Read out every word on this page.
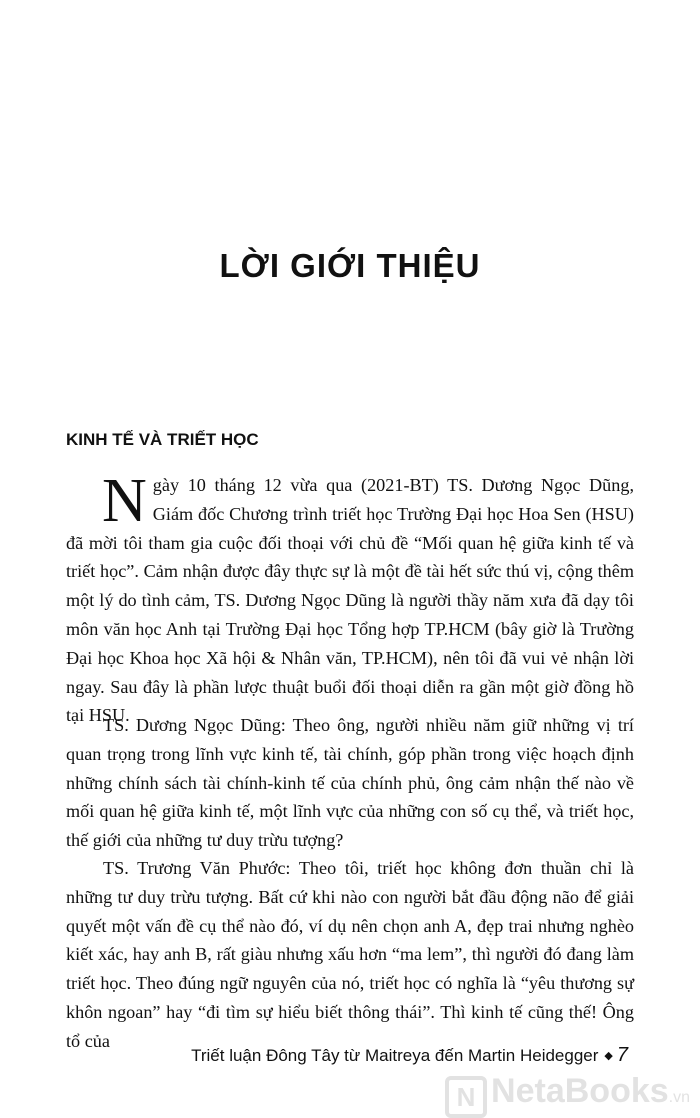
LỜI GIỚI THIỆU
KINH TẾ VÀ TRIẾT HỌC

Ngày 10 tháng 12 vừa qua (2021-BT) TS. Dương Ngọc Dũng, Giám đốc Chương trình triết học Trường Đại học Hoa Sen (HSU) đã mời tôi tham gia cuộc đối thoại với chủ đề “Mối quan hệ giữa kinh tế và triết học”. Cảm nhận được đây thực sự là một đề tài hết sức thú vị, cộng thêm một lý do tình cảm, TS. Dương Ngọc Dũng là người thầy năm xưa đã dạy tôi môn văn học Anh tại Trường Đại học Tổng hợp TP.HCM (bây giờ là Trường Đại học Khoa học Xã hội & Nhân văn, TP.HCM), nên tôi đã vui vẻ nhận lời ngay. Sau đây là phần lược thuật buổi đối thoại diễn ra gần một giờ đồng hồ tại HSU.

TS. Dương Ngọc Dũng: Theo ông, người nhiều năm giữ những vị trí quan trọng trong lĩnh vực kinh tế, tài chính, góp phần trong việc hoạch định những chính sách tài chính-kinh tế của chính phủ, ông cảm nhận thế nào về mối quan hệ giữa kinh tế, một lĩnh vực của những con số cụ thể, và triết học, thế giới của những tư duy trừu tượng?

TS. Trương Văn Phước: Theo tôi, triết học không đơn thuần chỉ là những tư duy trừu tượng. Bất cứ khi nào con người bắt đầu động não để giải quyết một vấn đề cụ thể nào đó, ví dụ nên chọn anh A, đẹp trai nhưng nghèo kiết xác, hay anh B, rất giàu nhưng xấu hơn “ma lem”, thì người đó đang làm triết học. Theo đúng ngữ nguyên của nó, triết học có nghĩa là “yêu thương sự khôn ngoan” hay “đi tìm sự hiểu biết thông thái”. Thì kinh tế cũng thế! Ông tổ của

Triết luận Đông Tây từ Maitreya đến Martin Heidegger ◆ 7
N NetaBooks.vn
